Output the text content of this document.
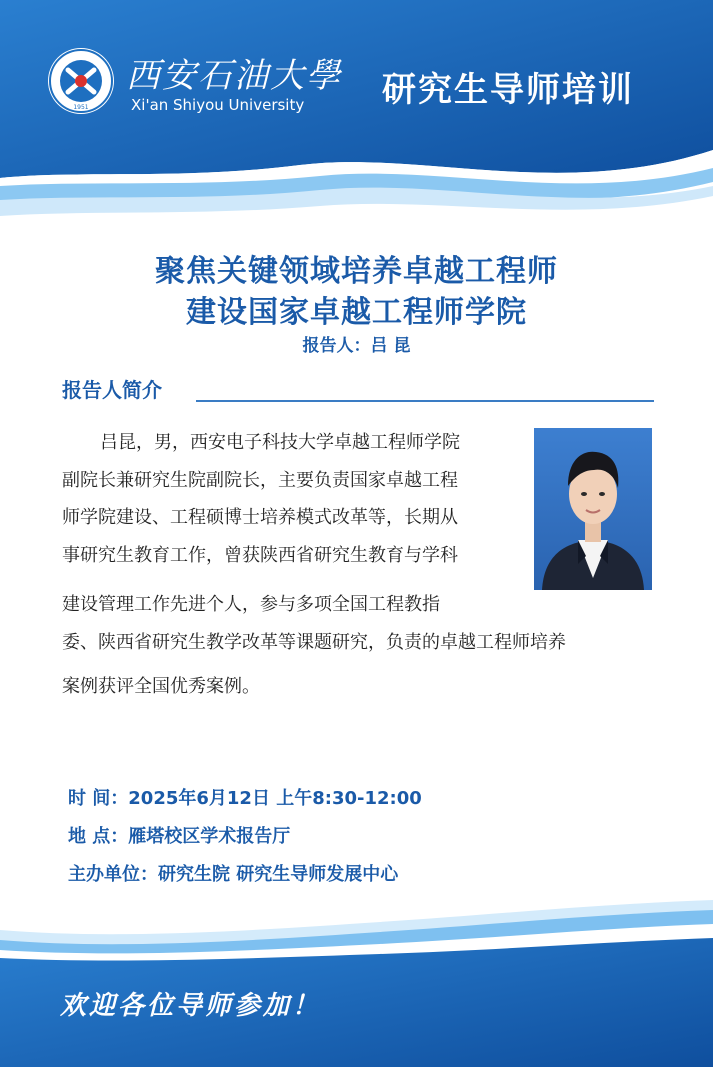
1951
西安石油大學
Xi'an Shiyou University 研究生导师培训
聚焦关键领域培养卓越工程师
建设国家卓越工程师学院
报告人：吕 昆
报告人简介
吕昆，男，西安电子科技大学卓越工程师学院
副院长兼研究生院副院长，主要负责国家卓越工程
师学院建设、工程硕博士培养模式改革等，长期从
事研究生教育工作，曾获陕西省研究生教育与学科
建设管理工作先进个人，参与多项全国工程教指
委、陕西省研究生教学改革等课题研究，负责的卓越工程师培养
案例获评全国优秀案例。
时 间：2025年6月12日 上午8:30-12:00
地 点：雁塔校区学术报告厅
主办单位：研究生院 研究生导师发展中心
欢迎各位导师参加！
